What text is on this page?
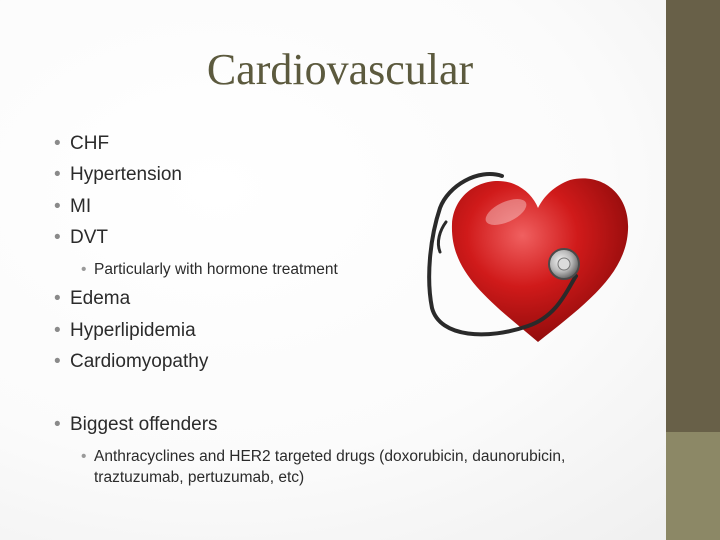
Cardiovascular
• CHF
• Hypertension
• MI
• DVT
• Particularly with hormone treatment
• Edema
• Hyperlipidemia
• Cardiomyopathy
• Biggest offenders
• Anthracyclines and HER2 targeted drugs (doxorubicin, daunorubicin, traztuzumab, pertuzumab, etc)
